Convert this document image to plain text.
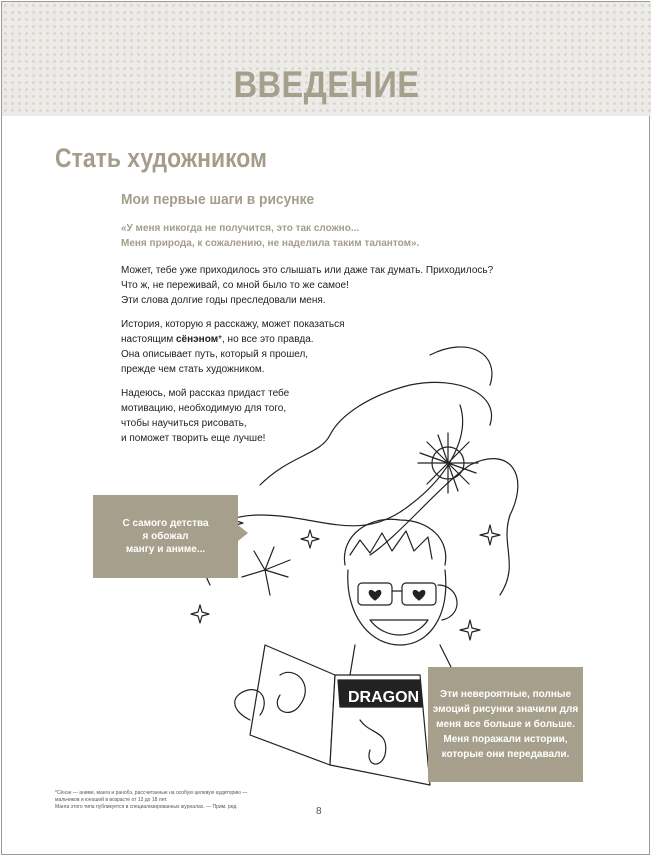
ВВЕДЕНИЕ
Стать художником
Мои первые шаги в рисунке
«У меня никогда не получится, это так сложно...
Меня природа, к сожалению, не наделила таким талантом».
Может, тебе уже приходилось это слышать или даже так думать. Приходилось?
Что ж, не переживай, со мной было то же самое!
Эти слова долгие годы преследовали меня.
История, которую я расскажу, может показаться
настоящим сёнэном*, но все это правда.
Она описывает путь, который я прошел,
прежде чем стать художником.
Надеюсь, мой рассказ придаст тебе
мотивацию, необходимую для того,
чтобы научиться рисовать,
и поможет творить еще лучше!
DRAGON
С самого детства
я обожал
мангу и аниме...
Эти невероятные, полные
эмоций рисунки значили для
меня все больше и больше.
Меня поражали истории,
которые они передавали.
*Сёнэн — аниме, манга и ранобэ, рассчитанные на особую целевую аудиторию —
мальчиков и юношей в возрасте от 12 до 18 лет.
Манга этого типа публикуется в специализированных журналах. — Прим. ред.	8
